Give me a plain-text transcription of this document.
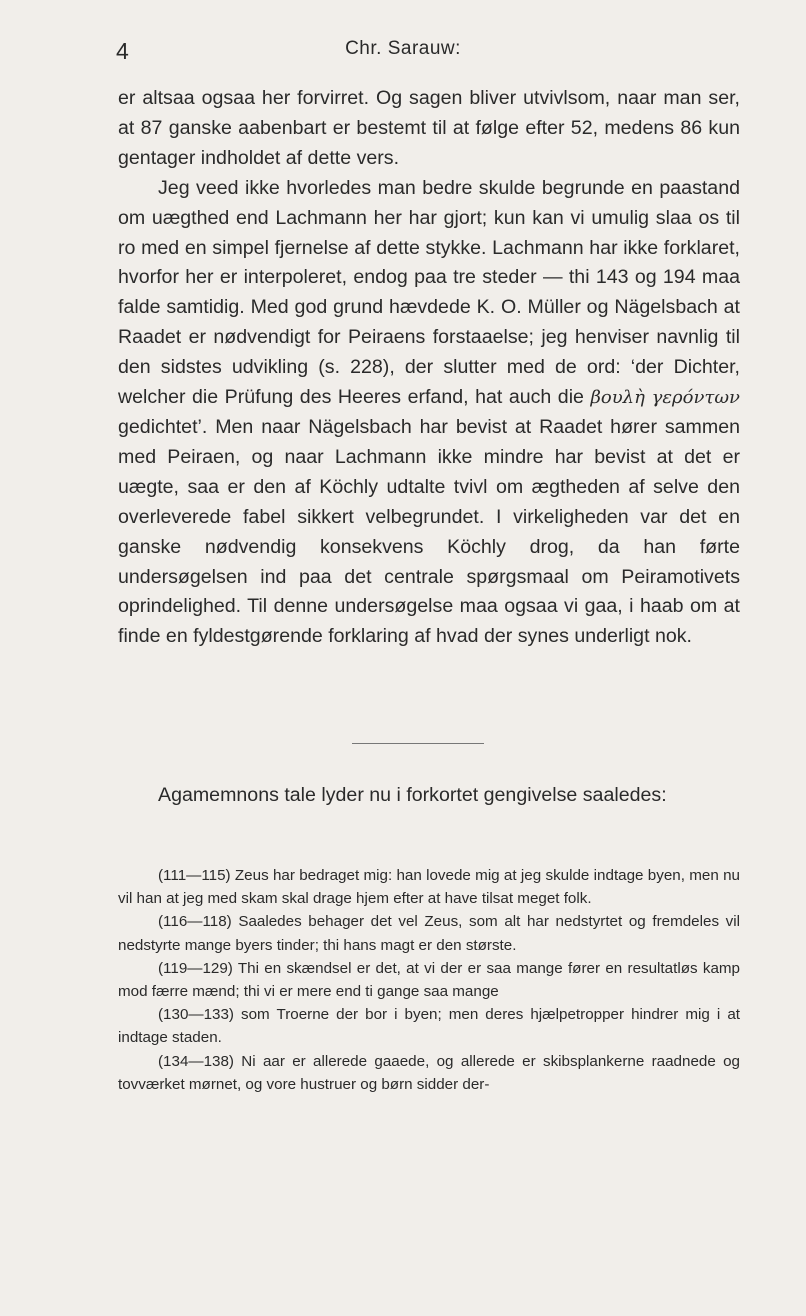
4	Chr. Sarauw:

er altsaa ogsaa her forvirret. Og sagen bliver utvivlsom, naar man ser, at 87 ganske aabenbart er bestemt til at følge efter 52, medens 86 kun gentager indholdet af dette vers.

Jeg veed ikke hvorledes man bedre skulde begrunde en paastand om uægthed end Lachmann her har gjort; kun kan vi umulig slaa os til ro med en simpel fjernelse af dette stykke. Lachmann har ikke forklaret, hvorfor her er interpoleret, endog paa tre steder — thi 143 og 194 maa falde samtidig. Med god grund hævdede K. O. Müller og Nägelsbach at Raadet er nødvendigt for Peiraens forstaaelse; jeg henviser navnlig til den sidstes udvikling (s. 228), der slutter med de ord: ‘der Dichter, welcher die Prüfung des Heeres erfand, hat auch die βουλὴ γερόντων gedichtet’. Men naar Nägelsbach har bevist at Raadet hører sammen med Peiraen, og naar Lachmann ikke mindre har bevist at det er uægte, saa er den af Köchly udtalte tvivl om ægtheden af selve den overleverede fabel sikkert velbegrundet. I virkeligheden var det en ganske nødvendig konsekvens Köchly drog, da han førte undersøgelsen ind paa det centrale spørgsmaal om Peiramotivets oprindelighed. Til denne undersøgelse maa ogsaa vi gaa, i haab om at finde en fyldestgørende forklaring af hvad der synes underligt nok.

Agamemnons tale lyder nu i forkortet gengivelse saaledes:

(111—115) Zeus har bedraget mig: han lovede mig at jeg skulde indtage byen, men nu vil han at jeg med skam skal drage hjem efter at have tilsat meget folk.

(116—118) Saaledes behager det vel Zeus, som alt har nedstyrtet og fremdeles vil nedstyrte mange byers tinder; thi hans magt er den største.

(119—129) Thi en skændsel er det, at vi der er saa mange fører en resultatløs kamp mod færre mænd; thi vi er mere end ti gange saa mange

(130—133) som Troerne der bor i byen; men deres hjælpetropper hindrer mig i at indtage staden.

(134—138) Ni aar er allerede gaaede, og allerede er skibsplankerne raadnede og tovværket mørnet, og vore hustruer og børn sidder der-
